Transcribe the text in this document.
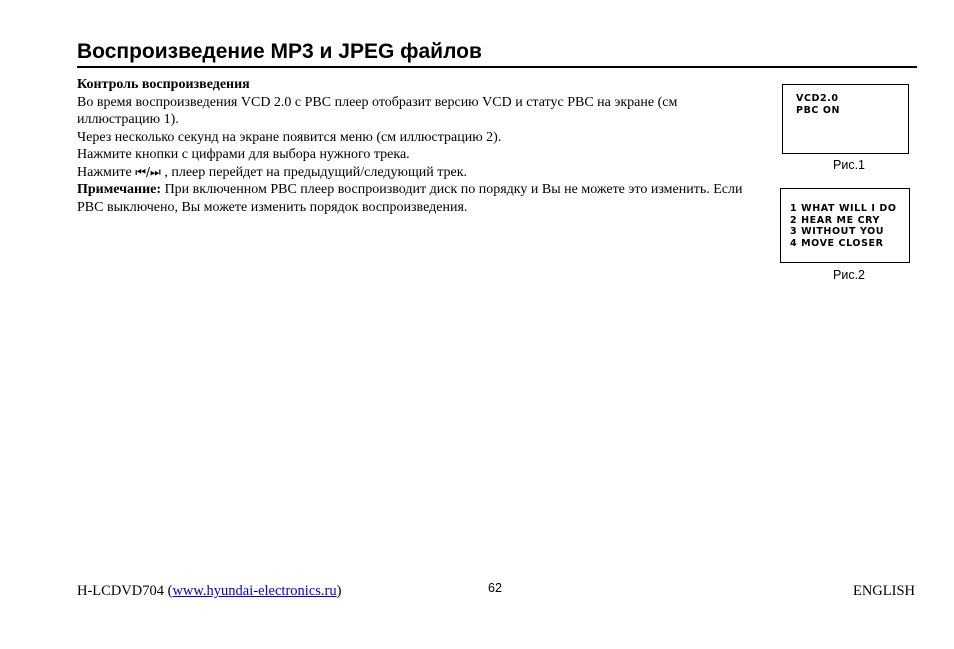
Воспроизведение MP3 и JPEG файлов

Контроль воспроизведения

Во время воспроизведения VCD 2.0 с PBC плеер отобразит версию VCD и статус PBC на экране (см иллюстрацию 1).

Через несколько секунд на экране появится меню (см иллюстрацию 2).

Нажмите кнопки с цифрами для выбора нужного трека.

Нажмите ⏮/⏭ , плеер перейдет на предыдущий/следующий трек.

Примечание: При включенном PBC плеер воспроизводит диск по порядку и Вы не можете это изменить. Если PBC выключено, Вы можете изменить порядок воспроизведения.

VCD2.0
PBC ON
Рис.1
1 WHAT WILL I DO
2 HEAR ME CRY
3 WITHOUT YOU
4 MOVE CLOSER
Рис.2
H-LCDVD704 (www.hyundai-electronics.ru)	62	ENGLISH
